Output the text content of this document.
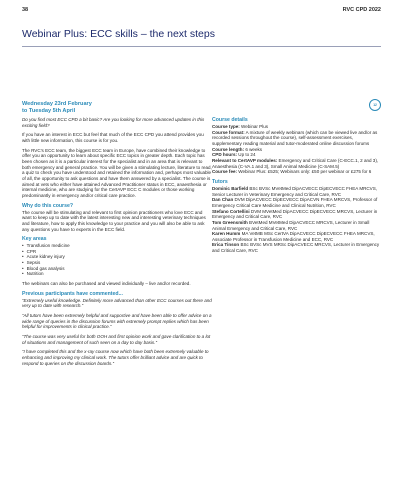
38	RVC CPD 2022
Webinar Plus: ECC skills – the next steps
Wednesday 23rd February
to Tuesday 5th April
12

Do you find most ECC CPD a bit basic? Are you looking for more advanced updates in this exciting field?

If you have an interest in ECC but feel that much of the ECC CPD you attend provides you with little new information, this course is for you.

The RVC’s ECC team, the biggest ECC team in Europe, have combined their knowledge to offer you an opportunity to learn about specific ECC topics in greater depth. Each topic has been chosen as it is a particular interest for the specialist and in an area that is relevant to both emergency and general practice. You will be given a stimulating lecture, literature to read, a quiz to check you have understood and retained the information and, perhaps most valuable of all, the opportunity to ask questions and have them answered by a specialist. The course is aimed at vets who either have attained Advanced Practitioner status in ECC, anaesthesia or internal medicine, who are studying for the CertAVP ECC C modules or those working predominantly in emergency and/or critical care practice.

Why do this course?

The course will be stimulating and relevant to first opinion practitioners who love ECC and want to keep up to date with the latest interesting new and interesting veterinary techniques and literature, how to apply this knowledge to your practice and you will also be able to ask any questions you have to experts in the ECC field.

Key areas
• Transfusion medicine
• CPR
• Acute kidney injury
• Sepsis
• Blood gas analysis
• Nutrition

The webinars can also be purchased and viewed individually – live and/or recorded.

Previous participants have commented...

“Extremely useful knowledge. Definitely more advanced than other ECC courses out there and very up to date with research.”

“All tutors have been extremely helpful and supportive and have been able to offer advice on a wide range of queries in the discussion forums with extremely prompt replies which has been helpful for improvements in clinical practice.”

“The course was very useful for both OOH and first opinion work and gave clarification to a lot of situations and management of such seen on a day to day basis.”

“I have completed this and the x-ray course now which have both been extremely valuable to enhancing and improving my clinical work. The tutors offer brilliant advice and are quick to respond to queries on the discussion boards.”

Course details

Course type: Webinar Plus

Course format: A mixture of weekly webinars (which can be viewed live and/or as recorded sessions throughout the course), self-assessment exercises, supplementary reading material and tutor-moderated online discussion forums

Course length: 6 weeks

CPD hours: Up to 24

Relevant to CertAVP modules: Emergency and Critical Care (C-ECC.1, 2 and 3), Anaesthesia (C-VA.1 and 3), Small Animal Medicine (C-SAM.5)

Course fee: Webinar Plus: £525; Webinars only: £50 per webinar or £275 for 6

Tutors

Dominic Barfield BSc BVSc MVetMed DipACVECC DipECVECC FHEA MRCVS, Senior Lecturer in Veterinary Emergency and Critical Care, RVC

Dan Chan DVM DipACVECC DipECVECC DipACVN FHEA MRCVS, Professor of Emergency Critical Care Medicine and Clinical Nutrition, RVC

Stefano Cortellini DVM MVetMed DipACVECC DipECVECC MRCVS, Lecturer in Emergency and Critical Care, RVC

Tom Greensmith BVetMed MVetMed DipACVECC MRCVS, Lecturer in Small Animal Emergency and Critical Care, RVC

Karen Humm MA VetMB MSc CertVA DipACVECC DipECVECC FHEA MRCVS, Associate Professor in Transfusion Medicine and ECC, RVC

Erica Tinson BSc BVSc MVS MRSc DipACVECC MRCVS, Lecturer in Emergency and Critical Care, RVC
